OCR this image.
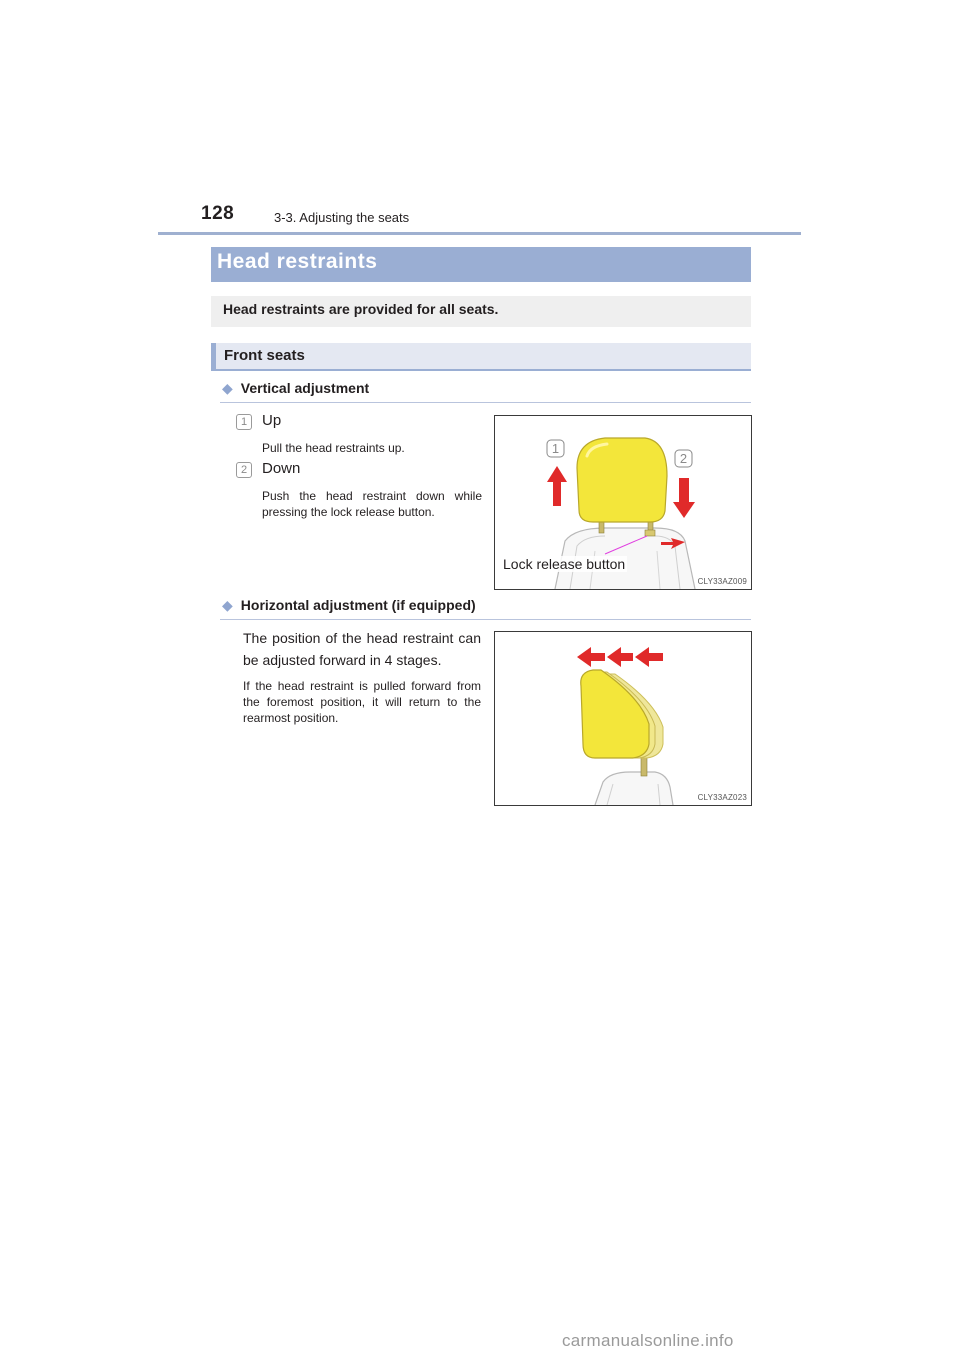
128	3-3. Adjusting the seats
Head restraints
Head restraints are provided for all seats.
Front seats
◆ Vertical adjustment
1 Up
Pull the head restraints up.
2 Down
Push the head restraint down while pressing the lock release button.
1
2
Lock release button
CLY33AZ009
◆ Horizontal adjustment (if equipped)
The position of the head restraint can be adjusted forward in 4 stages.
If the head restraint is pulled forward from the foremost position, it will return to the rearmost position.
CLY33AZ023
carmanualsonline.info
